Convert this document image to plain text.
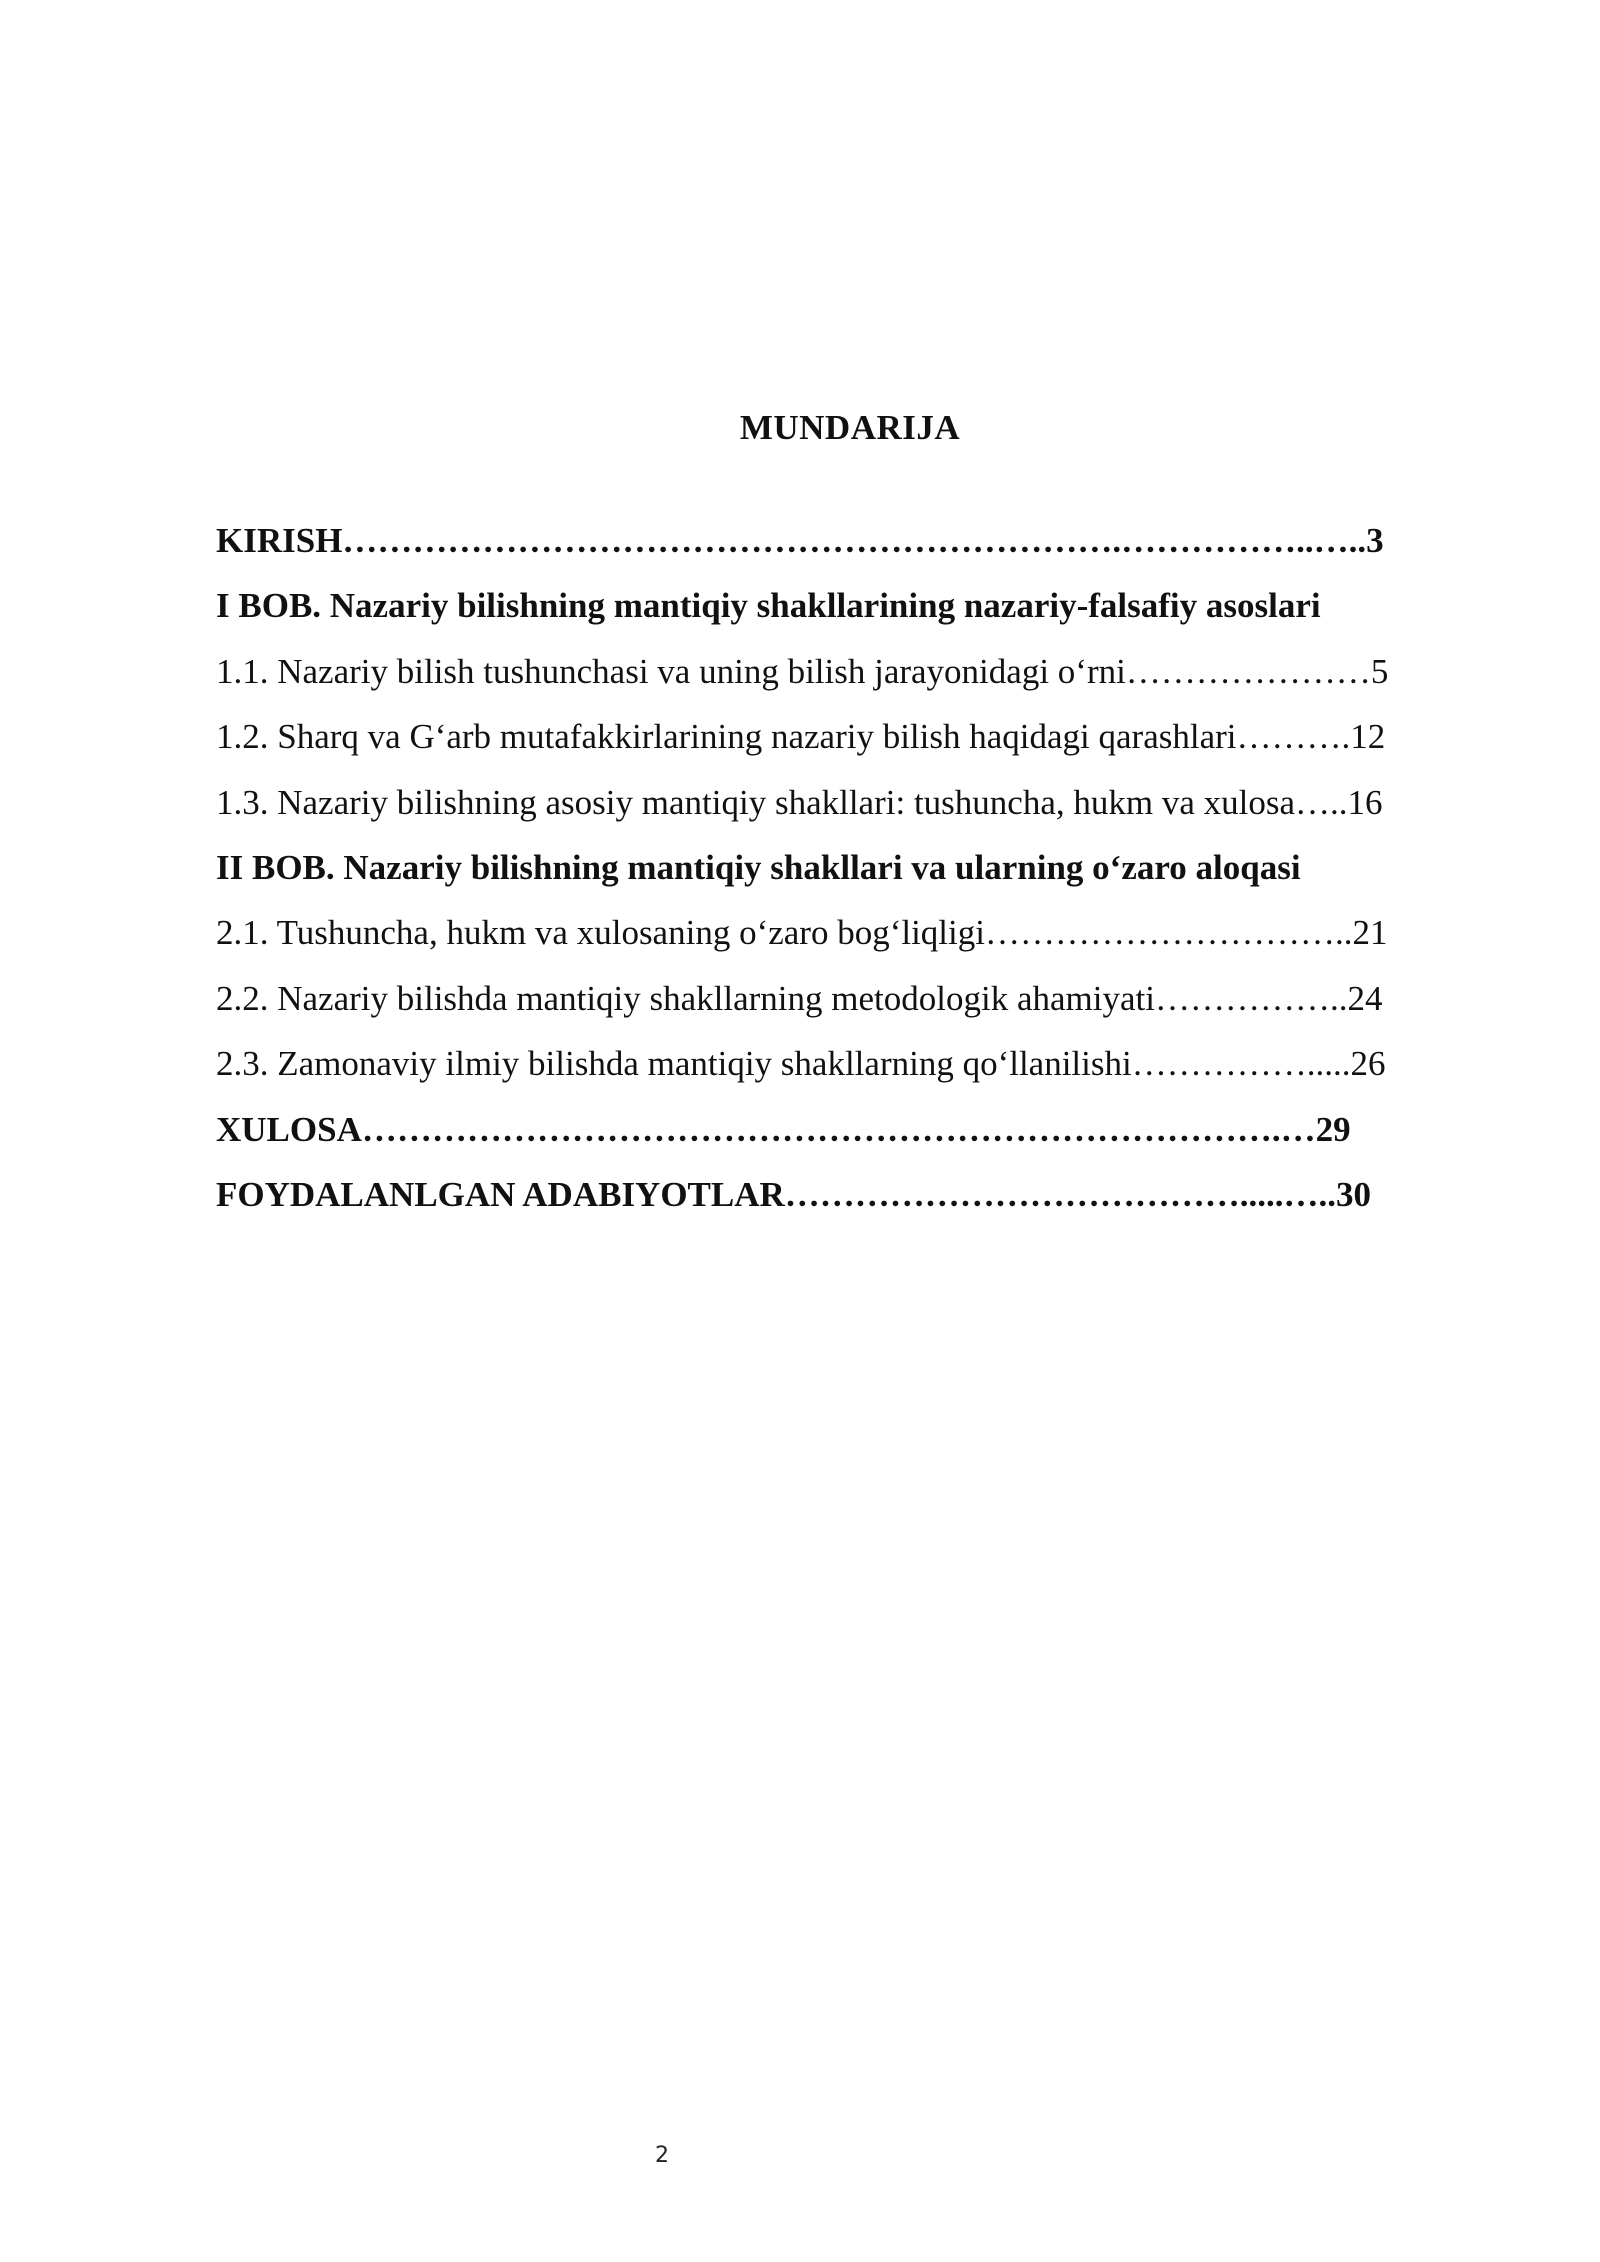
MUNDARIJA
KIRISH………………………………………………………….……………..…..3
I BOB. Nazariy bilishning mantiqiy shakllarining nazariy-falsafiy asoslari
1.1. Nazariy bilish tushunchasi va uning bilish jarayonidagi o‘rni…………………5
1.2. Sharq va G‘arb mutafakkirlarining nazariy bilish haqidagi qarashlari……….12
1.3. Nazariy bilishning asosiy mantiqiy shakllari: tushuncha, hukm va xulosa…..16
II BOB. Nazariy bilishning mantiqiy shakllari va ularning o‘zaro aloqasi
2.1. Tushuncha, hukm va xulosaning o‘zaro bog‘liqligi…………………………..21
2.2. Nazariy bilishda mantiqiy shakllarning metodologik ahamiyati……………..24
2.3. Zamonaviy ilmiy bilishda mantiqiy shakllarning qo‘llanilishi…………….....26
XULOSA…………………………………………………………………….…29
FOYDALANLGAN ADABIYOTLAR………………………………….....…..30
2
